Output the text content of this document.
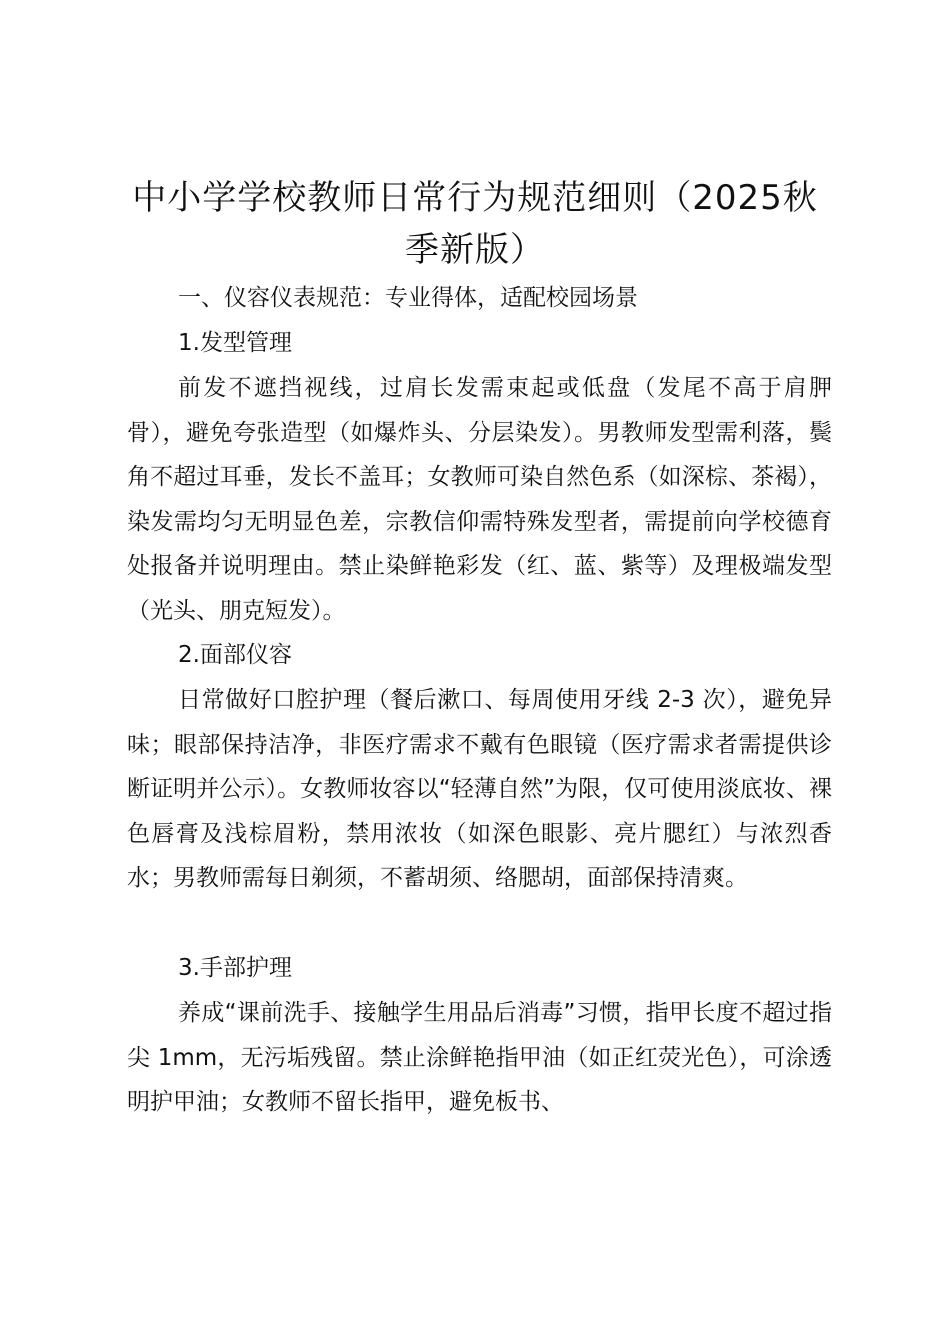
中小学学校教师日常行为规范细则（2025秋季新版）

一、仪容仪表规范：专业得体，适配校园场景

1.发型管理

前发不遮挡视线，过肩长发需束起或低盘（发尾不高于肩胛骨），避免夸张造型（如爆炸头、分层染发）。男教师发型需利落，鬓角不超过耳垂，发长不盖耳；女教师可染自然色系（如深棕、茶褐），染发需均匀无明显色差，宗教信仰需特殊发型者，需提前向学校德育处报备并说明理由。禁止染鲜艳彩发（红、蓝、紫等）及理极端发型（光头、朋克短发）。

2.面部仪容

日常做好口腔护理（餐后漱口、每周使用牙线 2-3 次），避免异味；眼部保持洁净，非医疗需求不戴有色眼镜（医疗需求者需提供诊断证明并公示）。女教师妆容以“轻薄自然”为限，仅可使用淡底妆、裸色唇膏及浅棕眉粉，禁用浓妆（如深色眼影、亮片腮红）与浓烈香水；男教师需每日剃须，不蓄胡须、络腮胡，面部保持清爽。

3.手部护理

养成“课前洗手、接触学生用品后消毒”习惯，指甲长度不超过指尖 1mm，无污垢残留。禁止涂鲜艳指甲油（如正红荧光色），可涂透明护甲油；女教师不留长指甲，避免板书、
